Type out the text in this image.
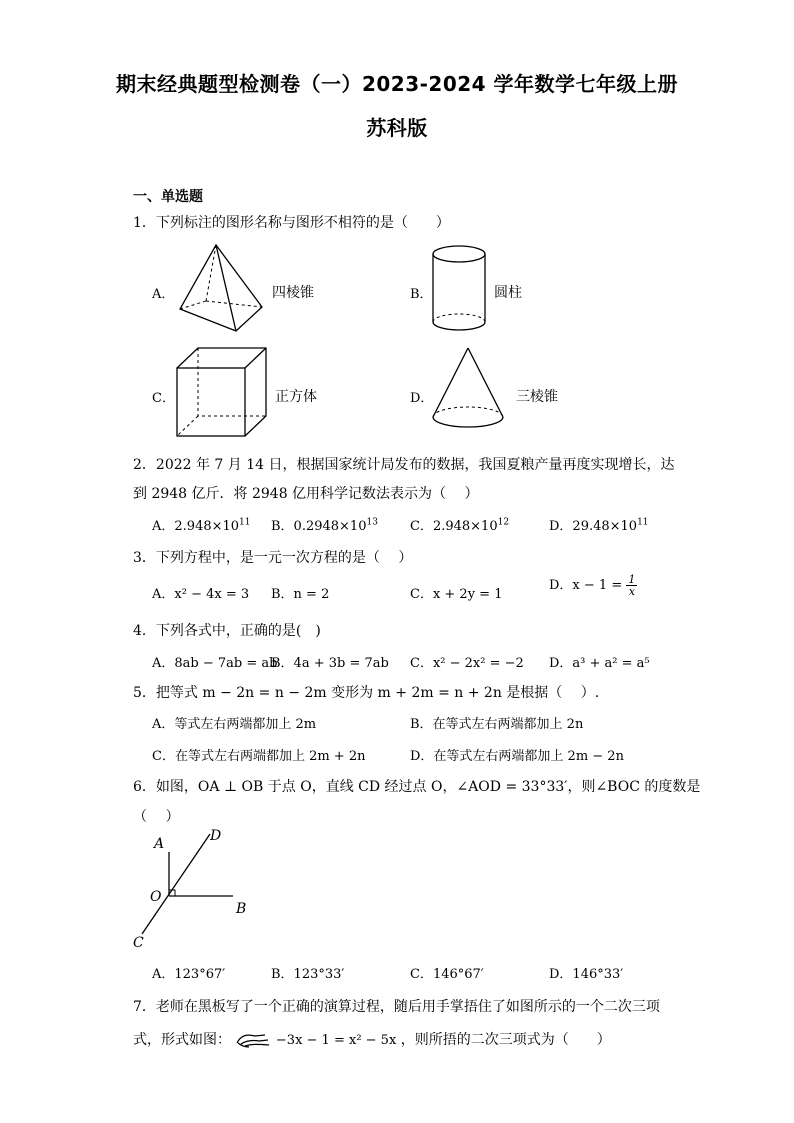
期末经典题型检测卷（一）2023-2024 学年数学七年级上册
苏科版
一、单选题
1．下列标注的图形名称与图形不相符的是（　　）
A．	四棱锥	B．	圆柱
C．	正方体	D．	三棱锥
2．2022 年 7 月 14 日，根据国家统计局发布的数据，我国夏粮产量再度实现增长，达
到 2948 亿斤．将 2948 亿用科学记数法表示为（　 ）
A．$2.948\times 10^{11}$ B．$0.2948\times 10^{13}$ C．$2.948\times 10^{12}$	D．$29.48\times 10^{11}$
3．下列方程中，是一元一次方程的是（　 ）
A．x² − 4x = 3 B．n = 2	C．x + 2y = 1
D．$x - 1 = \frac{1}{x}$
4．下列各式中，正确的是(　)
A．8ab − 7ab = ab
B．4a + 3b = 7ab C．x² − 2x² = −2 D．a³ + a² = a⁵
5．把等式 m − 2n = n − 2m 变形为 m + 2m = n + 2n 是根据（　 ）.
A．等式左右两端都加上 2m	B．在等式左右两端都加上 2n
C．在等式左右两端都加上 2m + 2n	D．在等式左右两端都加上 2m − 2n
6．如图，OA ⊥ OB 于点 O，直线 CD 经过点 O，∠AOD = 33°33′，则∠BOC 的度数是
（　 ）
A	D
O
B
C
A．123°67′	B．123°33′	C．146°67′	D．146°33′
7．老师在黑板写了一个正确的演算过程，随后用手掌捂住了如图所示的一个二次三项
式，形式如图：	−3x − 1 = x² − 5x ，则所捂的二次三项式为（　　）
